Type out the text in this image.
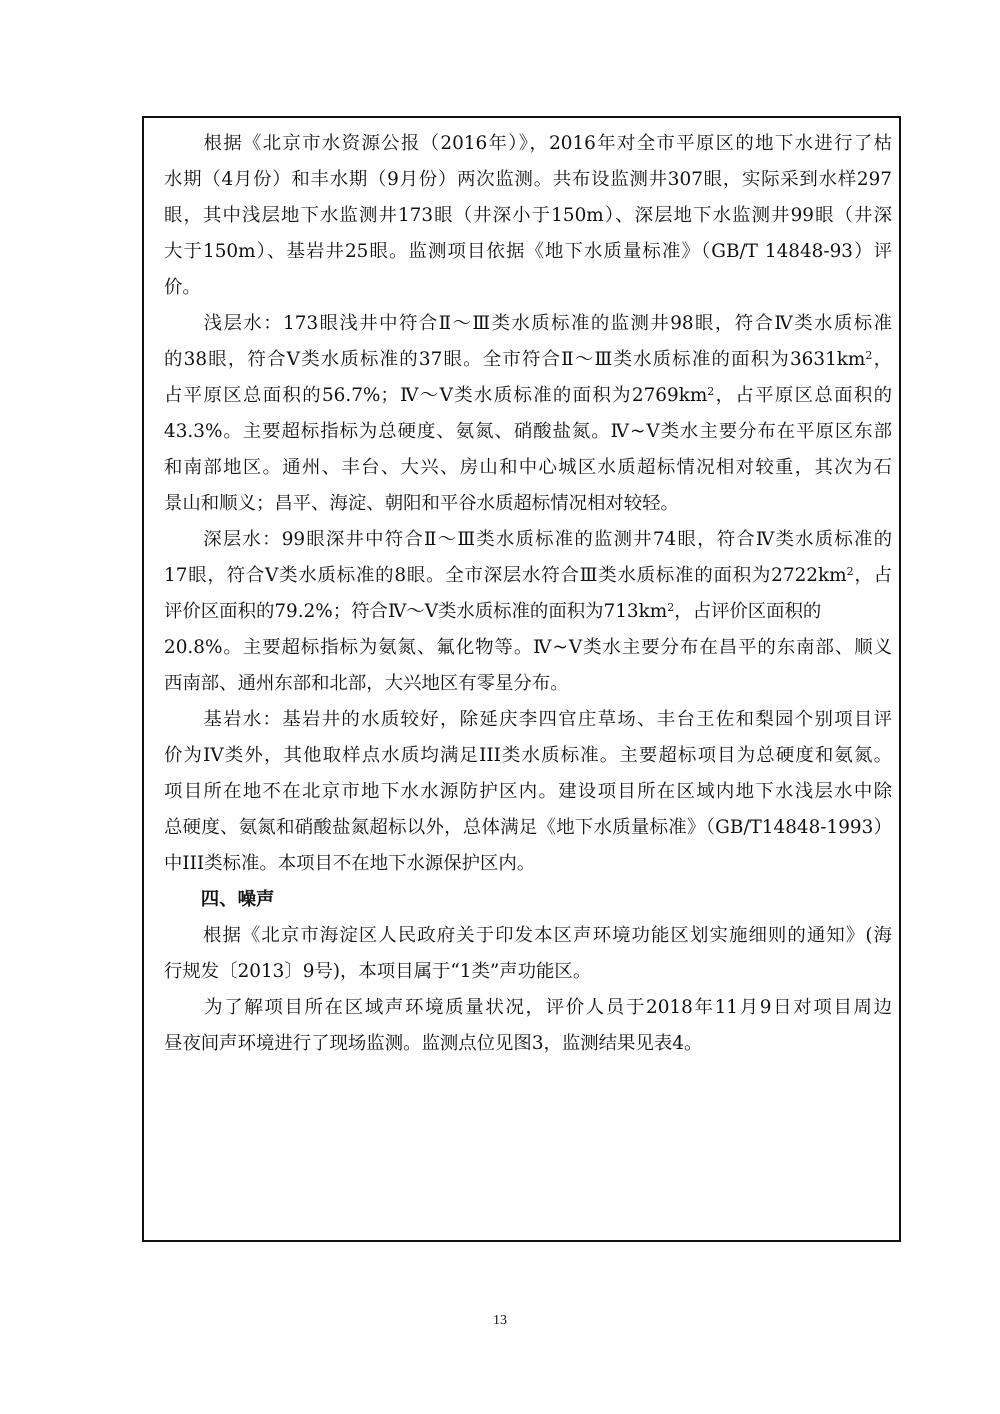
　　根据《北京市水资源公报（2016年）》，2016年对全市平原区的地下水进行了枯
水期（4月份）和丰水期（9月份）两次监测。共布设监测井307眼，实际采到水样297
眼，其中浅层地下水监测井173眼（井深小于150m）、深层地下水监测井99眼（井深
大于150m）、基岩井25眼。监测项目依据《地下水质量标准》（GB/T 14848-93）评
价。
　　浅层水：173眼浅井中符合Ⅱ～Ⅲ类水质标准的监测井98眼，符合Ⅳ类水质标准
的38眼，符合Ⅴ类水质标准的37眼。全市符合Ⅱ～Ⅲ类水质标准的面积为$3631km^2$，
占平原区总面积的56.7%；Ⅳ～Ⅴ类水质标准的面积为$2769km^2$，占平原区总面积的
43.3%。主要超标指标为总硬度、氨氮、硝酸盐氮。Ⅳ~Ⅴ类水主要分布在平原区东部
和南部地区。通州、丰台、大兴、房山和中心城区水质超标情况相对较重，其次为石
景山和顺义；昌平、海淀、朝阳和平谷水质超标情况相对较轻。
　　深层水：99眼深井中符合Ⅱ～Ⅲ类水质标准的监测井74眼，符合Ⅳ类水质标准的
17眼，符合Ⅴ类水质标准的8眼。全市深层水符合Ⅲ类水质标准的面积为$2722km^2$，占
评价区面积的79.2%；符合Ⅳ～Ⅴ类水质标准的面积为$713km^2$，占评价区面积的
20.8%。主要超标指标为氨氮、氟化物等。Ⅳ~Ⅴ类水主要分布在昌平的东南部、顺义
西南部、通州东部和北部，大兴地区有零星分布。
　　基岩水：基岩井的水质较好，除延庆李四官庄草场、丰台王佐和梨园个别项目评
价为IV类外，其他取样点水质均满足III类水质标准。主要超标项目为总硬度和氨氮。
项目所在地不在北京市地下水水源防护区内。建设项目所在区域内地下水浅层水中除
总硬度、氨氮和硝酸盐氮超标以外，总体满足《地下水质量标准》（GB/T14848-1993）
中III类标准。本项目不在地下水源保护区内。
　　四、噪声
　　根据《北京市海淀区人民政府关于印发本区声环境功能区划实施细则的通知》(海
行规发〔2013〕9号)，本项目属于“1类”声功能区。
　　为了解项目所在区域声环境质量状况，评价人员于2018年11月9日对项目周边
昼夜间声环境进行了现场监测。监测点位见图3，监测结果见表4。
13
